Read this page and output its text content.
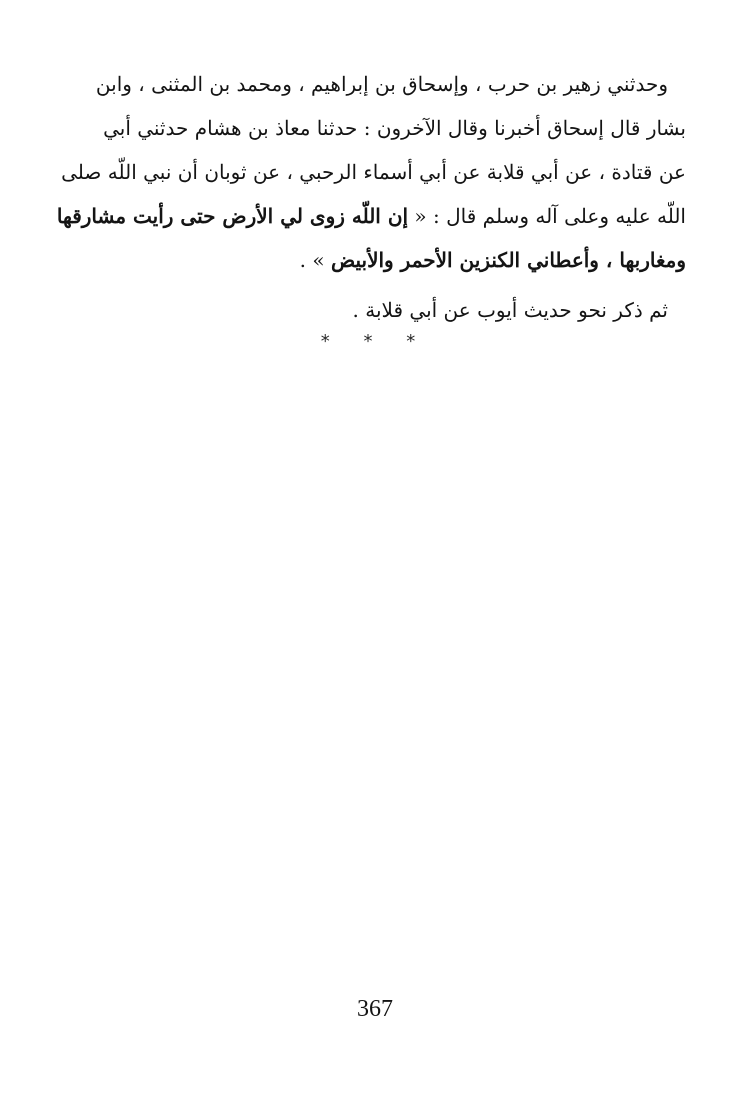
وحدثني زهير بن حرب ، وإسحاق بن إبراهيم ، ومحمد بن المثنى ، وابن
بشار قال إسحاق أخبرنا وقال الآخرون : حدثنا معاذ بن هشام حدثني أبي
عن قتادة ، عن أبي قلابة عن أبي أسماء الرحبي ، عن ثوبان أن نبي اللّه صلى
اللّه عليه وعلى آله وسلم قال : « إن اللّه زوى لي الأرض حتى رأيت مشارقها
ومغاربها ، وأعطاني الكنزين الأحمر والأبيض » .
ثم ذكر نحو حديث أيوب عن أبي قلابة .
* * *
367
